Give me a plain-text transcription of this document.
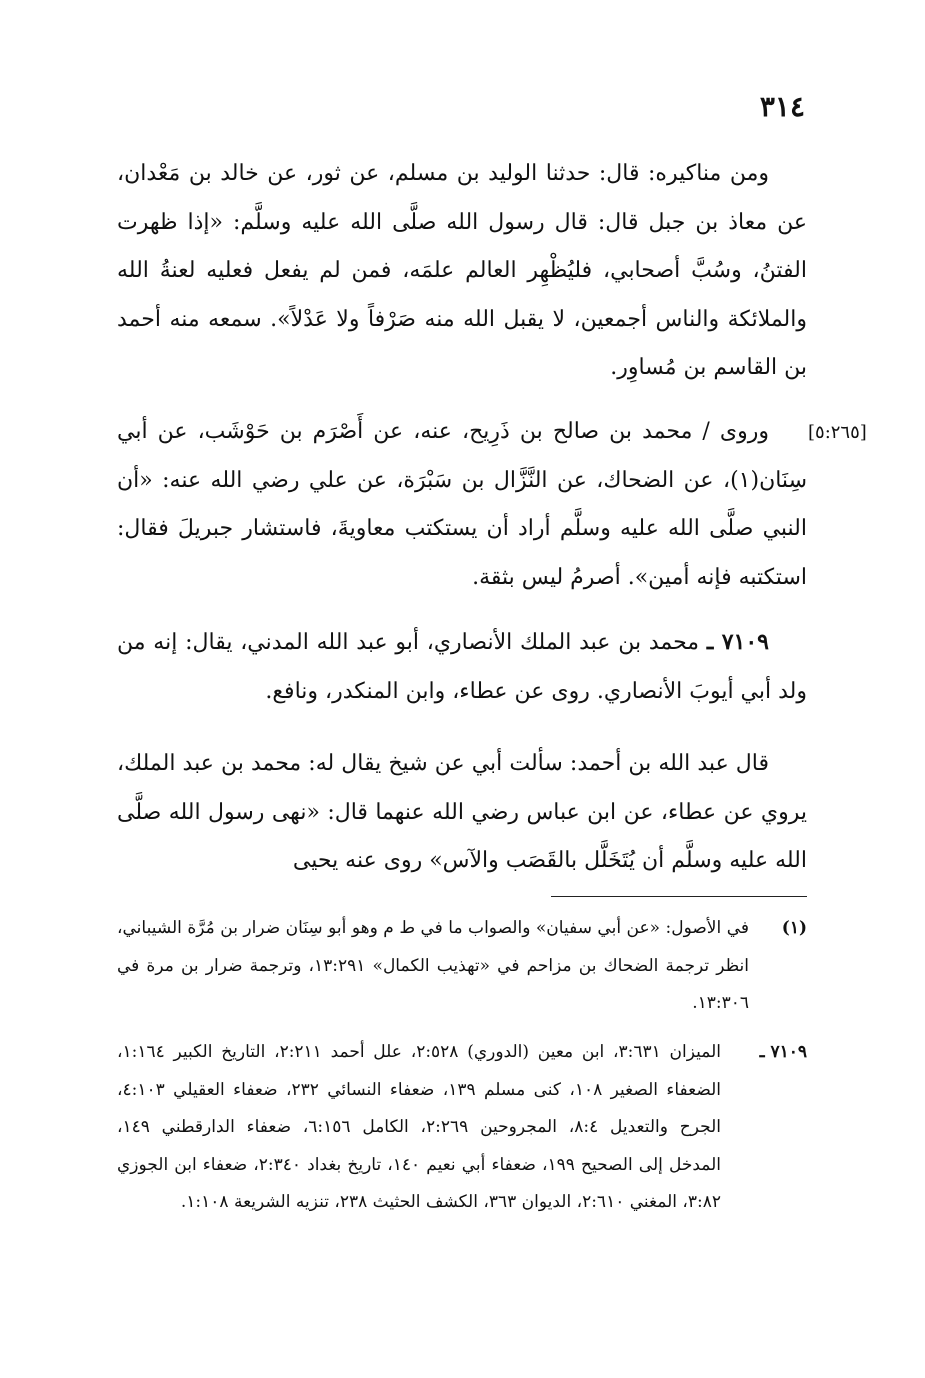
٣١٤

ومن مناكيره: قال: حدثنا الوليد بن مسلم، عن ثور، عن خالد بن مَعْدان، عن معاذ بن جبل قال: قال رسول الله صلَّى الله عليه وسلَّم: «إذا ظهرت الفتنُ، وسُبَّ أصحابي، فليُظْهِر العالم علمَه، فمن لم يفعل فعليه لعنةُ الله والملائكة والناس أجمعين، لا يقبل الله منه صَرْفاً ولا عَدْلاً». سمعه منه أحمد بن القاسم بن مُساوِر.

[٥:٢٦٥]

وروى / محمد بن صالح بن ذَرِيح، عنه، عن أَصْرَم بن حَوْشَب، عن أبي سِنَان(١)، عن الضحاك، عن النَّزَّال بن سَبْرَة، عن علي رضي الله عنه: «أن النبي صلَّى الله عليه وسلَّم أراد أن يستكتب معاويةَ، فاستشار جبريلَ فقال: استكتبه فإنه أمين». أصرمُ ليس بثقة.

٧١٠٩ ـ محمد بن عبد الملك الأنصاري، أبو عبد الله المدني، يقال: إنه من ولد أبي أيوبَ الأنصاري. روى عن عطاء، وابن المنكدر، ونافع.

قال عبد الله بن أحمد: سألت أبي عن شيخ يقال له: محمد بن عبد الملك، يروي عن عطاء، عن ابن عباس رضي الله عنهما قال: «نهى رسول الله صلَّى الله عليه وسلَّم أن يُتَخَلَّل بالقَصَب والآس» روى عنه يحيى

(١)
في الأصول: «عن أبي سفيان» والصواب ما في ط م وهو أبو سِنَان ضرار بن مُرَّة الشيباني، انظر ترجمة الضحاك بن مزاحم في «تهذيب الكمال» ١٣:٢٩١، وترجمة ضرار بن مرة في ١٣:٣٠٦.
٧١٠٩ ـ
الميزان ٣:٦٣١، ابن معين (الدوري) ٢:٥٢٨، علل أحمد ٢:٢١١، التاريخ الكبير ١:١٦٤، الضعفاء الصغير ١٠٨، كنى مسلم ١٣٩، ضعفاء النسائي ٢٣٢، ضعفاء العقيلي ٤:١٠٣، الجرح والتعديل ٨:٤، المجروحين ٢:٢٦٩، الكامل ٦:١٥٦، ضعفاء الدارقطني ١٤٩، المدخل إلى الصحيح ١٩٩، ضعفاء أبي نعيم ١٤٠، تاريخ بغداد ٢:٣٤٠، ضعفاء ابن الجوزي ٣:٨٢، المغني ٢:٦١٠، الديوان ٣٦٣، الكشف الحثيث ٢٣٨، تنزيه الشريعة ١:١٠٨.
